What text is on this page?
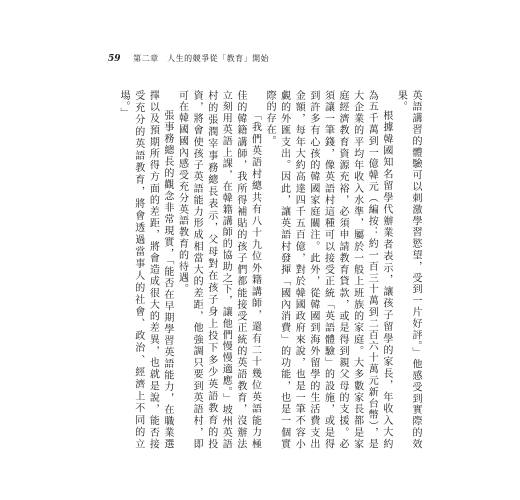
59 第二章　人生的競爭從「教育」開始

英語講習的體驗可以刺激學習慾望，受到一片好評。」他感受到實際的效果。

根據韓國知名留學代辦業者表示，讓孩子留學的家長，年收入大約為五千萬到一億韓元（編按：約一百三十萬到二百六十萬元新台幣），是大企業的平均年收入水準，屬於一般上班族的家庭。大多數家長都是家庭經濟教育資源充裕，必須申請教育貸款，或是得到親父母的支援。必須讓一筆錢，像英語村這種可以接受正統「英語體驗」的設施，或是得到許多有心孩的韓國家庭關注。此外，從韓國到海外留學的生活費支出金額，每年大約高達四千五百億，對於韓國政府來說，也是一筆不容小覷的外匯支出。因此，讓英語村發揮「國內消費」的功能，也是一個實際的存在。

「我們英語村總共有八十九位外籍講師，還有二十幾位英語能力極佳的韓籍講師，我所得補貼的孩子們都能接受正統的英語教育，沒辦法立刻用英語上課，在韓籍講師的協助之下，讓他們慢慢適應。」坡州英語村的張潤宰事務總長表示，父母對在孩子身上投下多少英語教育的投資，將會使孩子英語能力形成相當大的差距，他強調只要到英語村，即可在韓國國內感受充分英語教育的待遇。

張事務總長的觀念非常現實，「能否在早期學習英語能力，在職業選擇以及預期所得方面的差距，將會造成很大的差異，也就是說，能否接受充分的英語教育，將會透過當事人的社會、政治、經濟上不同的立場。」
